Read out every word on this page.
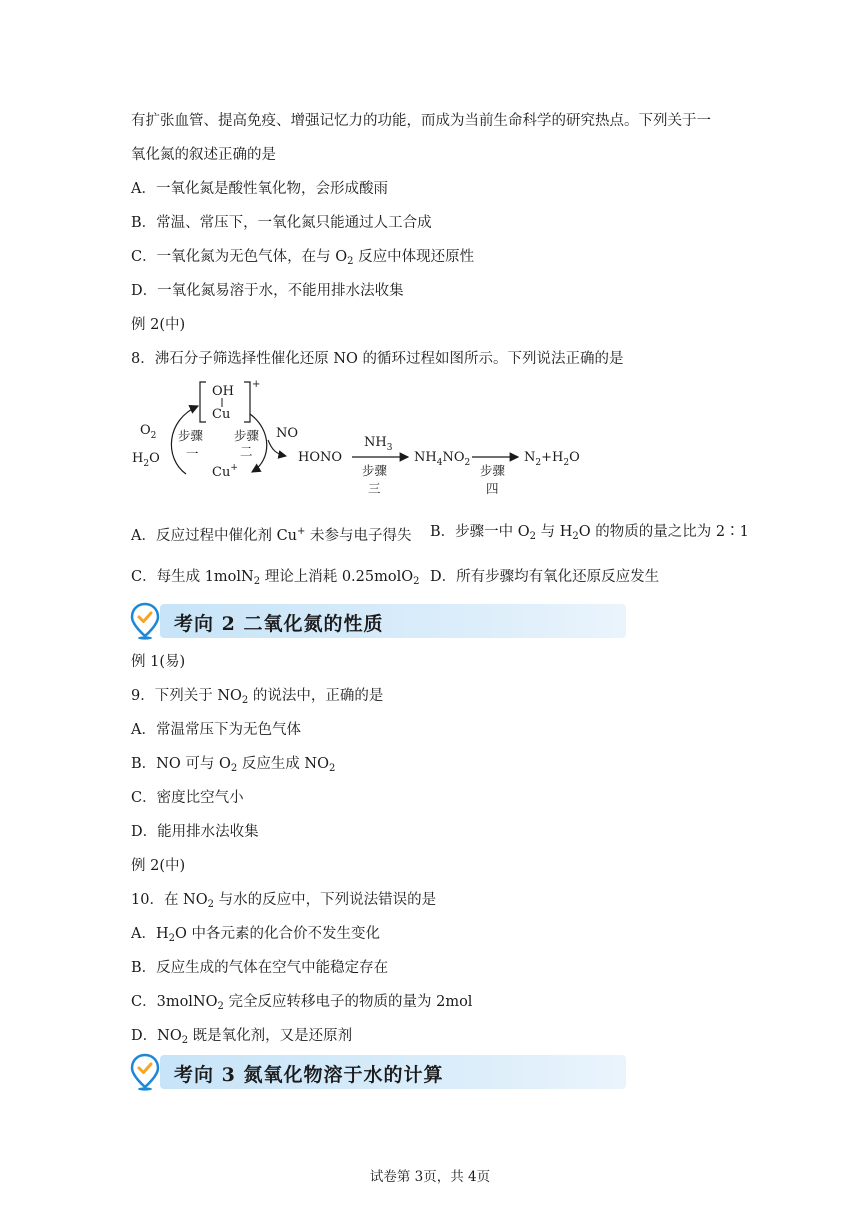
有扩张血管、提高免疫、增强记忆力的功能，而成为当前生命科学的研究热点。下列关于一
氧化氮的叙述正确的是
A．一氧化氮是酸性氧化物，会形成酸雨
B．常温、常压下，一氧化氮只能通过人工合成
C．一氧化氮为无色气体，在与 $O_2$ 反应中体现还原性
D．一氧化氮易溶于水，不能用排水法收集
例 2(中)
8．沸石分子筛选择性催化还原 NO 的循环过程如图所示。下列说法正确的是
OH
Cu
+
$O_2$
$H_2O$
步骤
一
步骤
二
NO
Cu+
HONO
$NH_3$
步骤
三
$NH_4NO_2$ 步骤
四
$N_2+H_2O$
A．反应过程中催化剂 Cu+ 未参与电子得失 B．步骤一中 $O_2$ 与 $H_2O$ 的物质的量之比为 2∶1
C．每生成 1molN$_2$ 理论上消耗 0.25molO$_2$ D．所有步骤均有氧化还原反应发生
考向 2 二氧化氮的性质
例 1(易)
9．下列关于 $NO_2$ 的说法中，正确的是
A．常温常压下为无色气体
B．NO 可与 $O_2$ 反应生成 $NO_2$
C．密度比空气小
D．能用排水法收集
例 2(中)
10．在 $NO_2$ 与水的反应中，下列说法错误的是
A．$H_2O$ 中各元素的化合价不发生变化
B．反应生成的气体在空气中能稳定存在
C．3molNO$_2$ 完全反应转移电子的物质的量为 2mol
D．$NO_2$ 既是氧化剂，又是还原剂
考向 3 氮氧化物溶于水的计算
试卷第 3页，共 4页
